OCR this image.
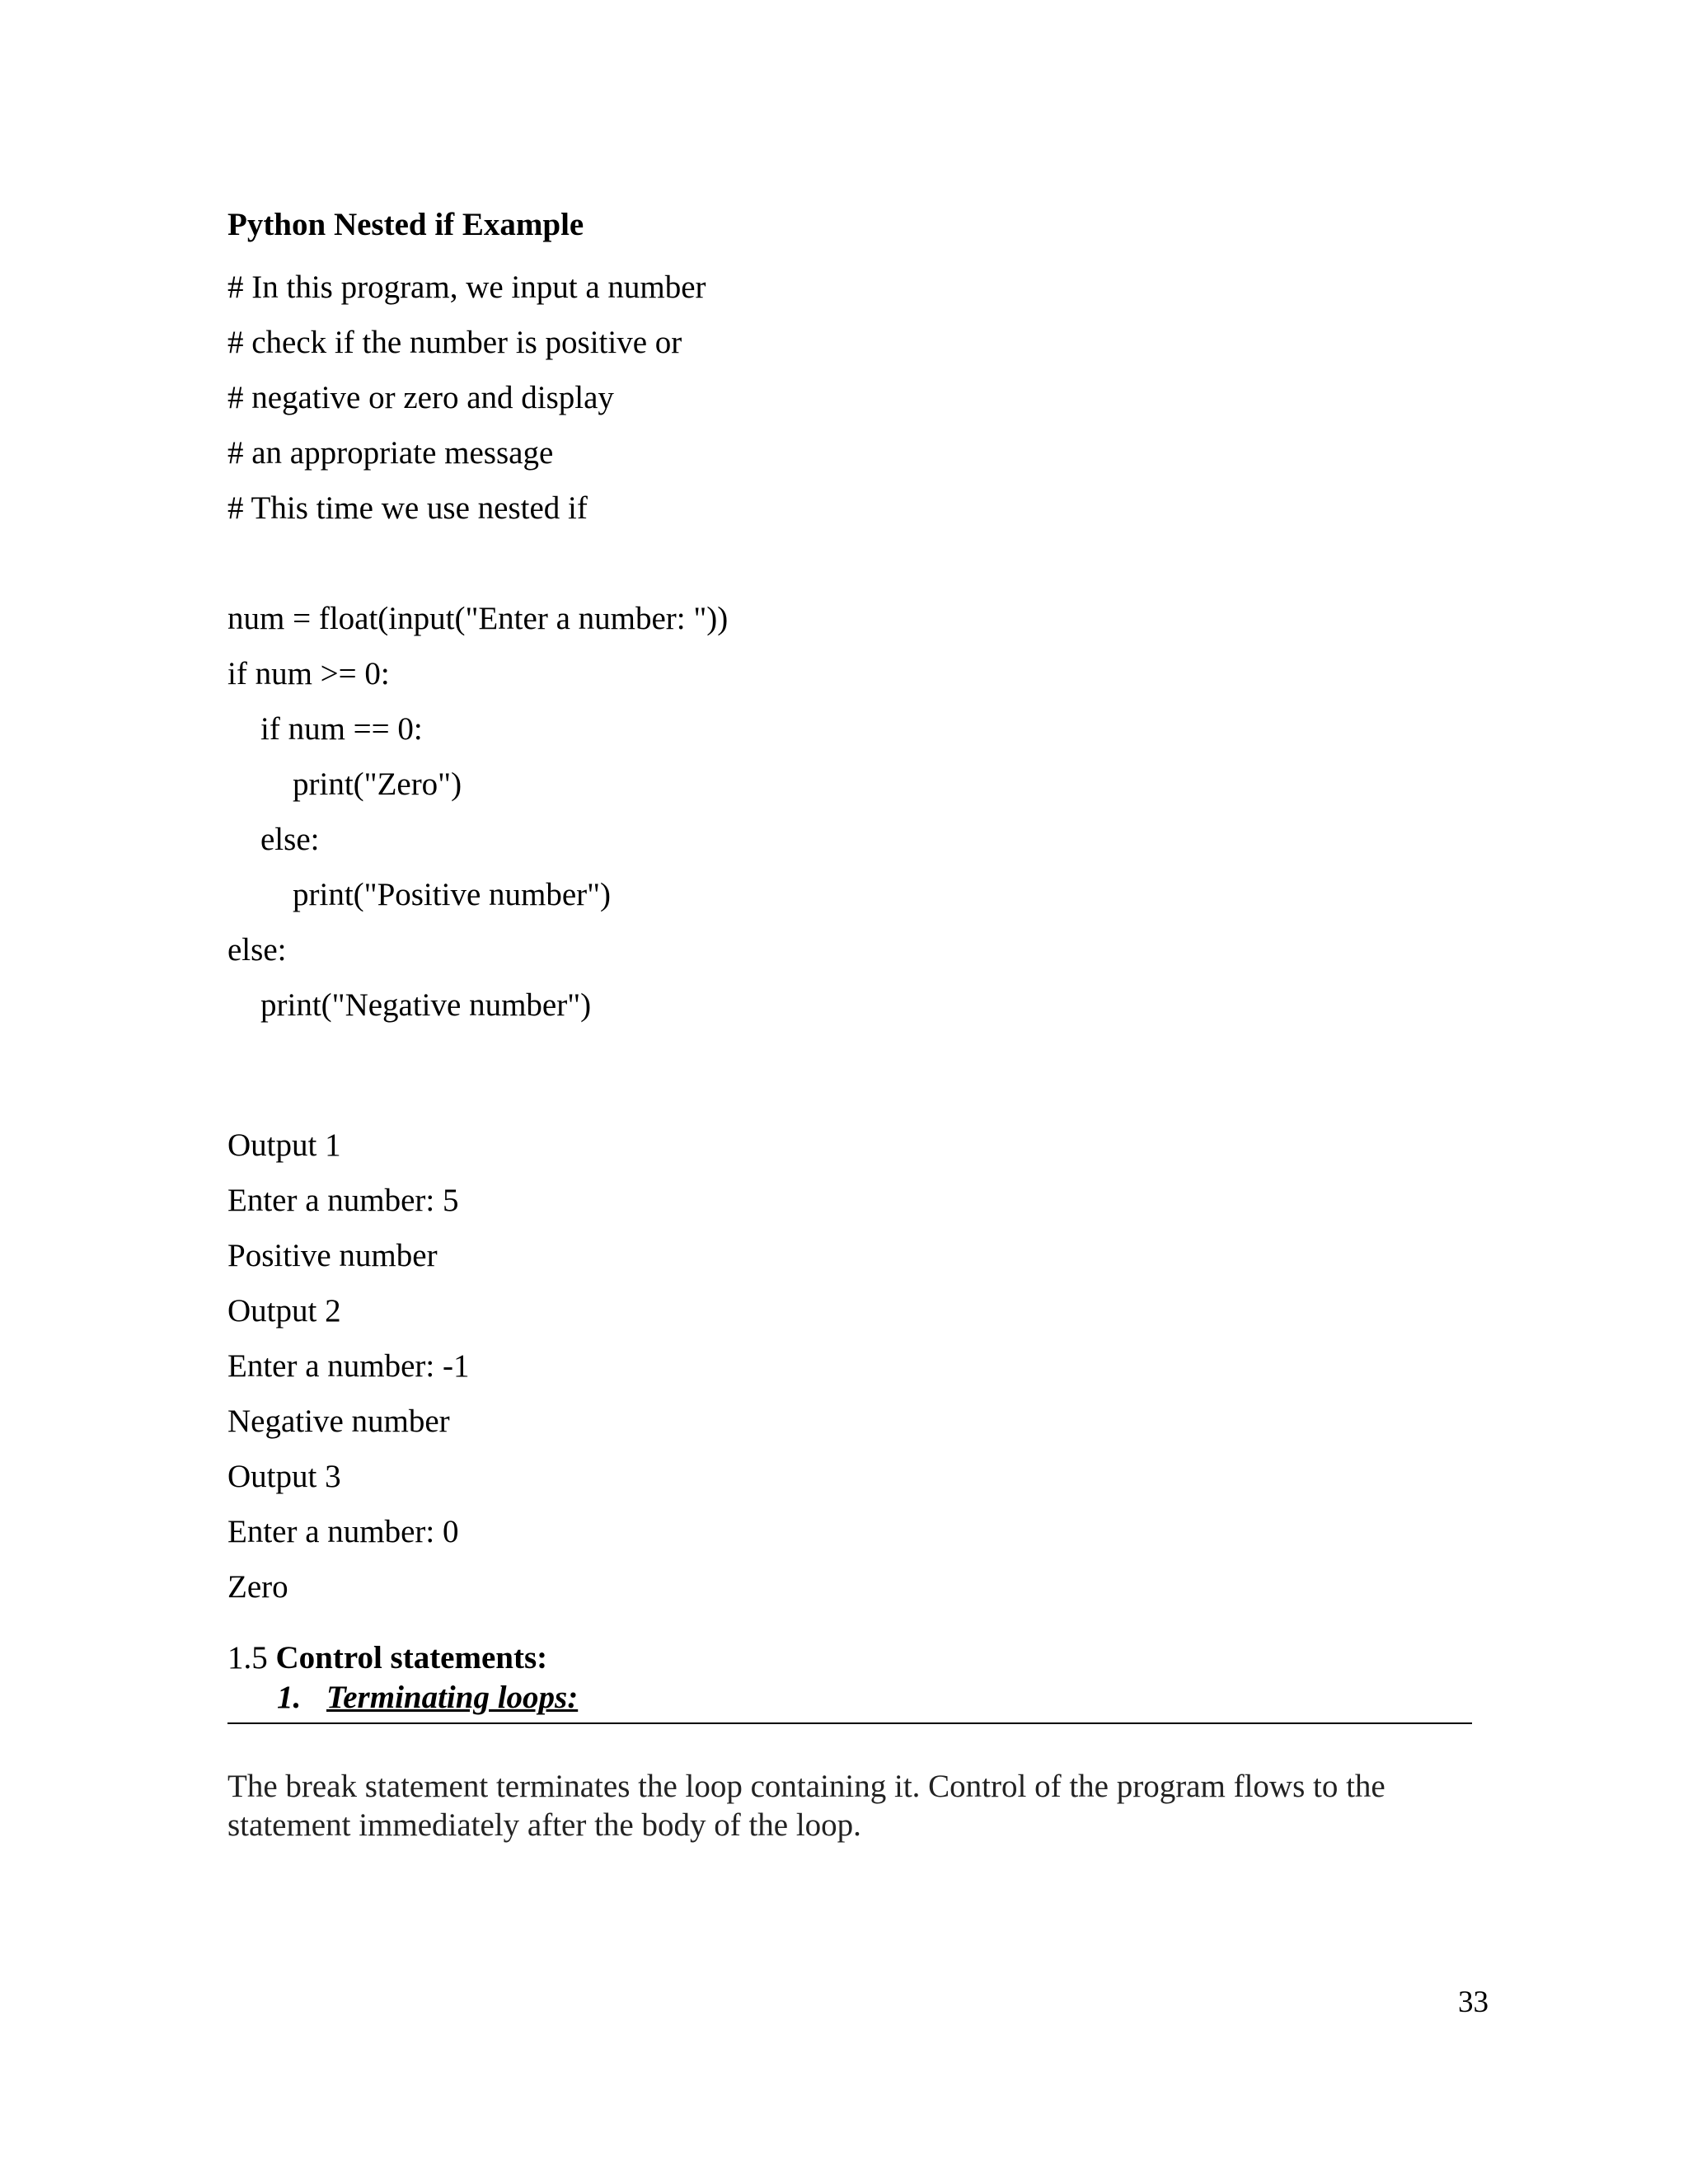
Python Nested if Example
# In this program, we input a number
# check if the number is positive or
# negative or zero and display
# an appropriate message
# This time we use nested if
num = float(input("Enter a number: "))
if num >= 0:
if num == 0:
print("Zero")
else:
print("Positive number")
else:
print("Negative number")
Output 1
Enter a number: 5
Positive number
Output 2
Enter a number: -1
Negative number
Output 3
Enter a number: 0
Zero
1.5 Control statements:
1. Terminating loops:
The break statement terminates the loop containing it. Control of the program flows to the statement immediately after the body of the loop.
33
